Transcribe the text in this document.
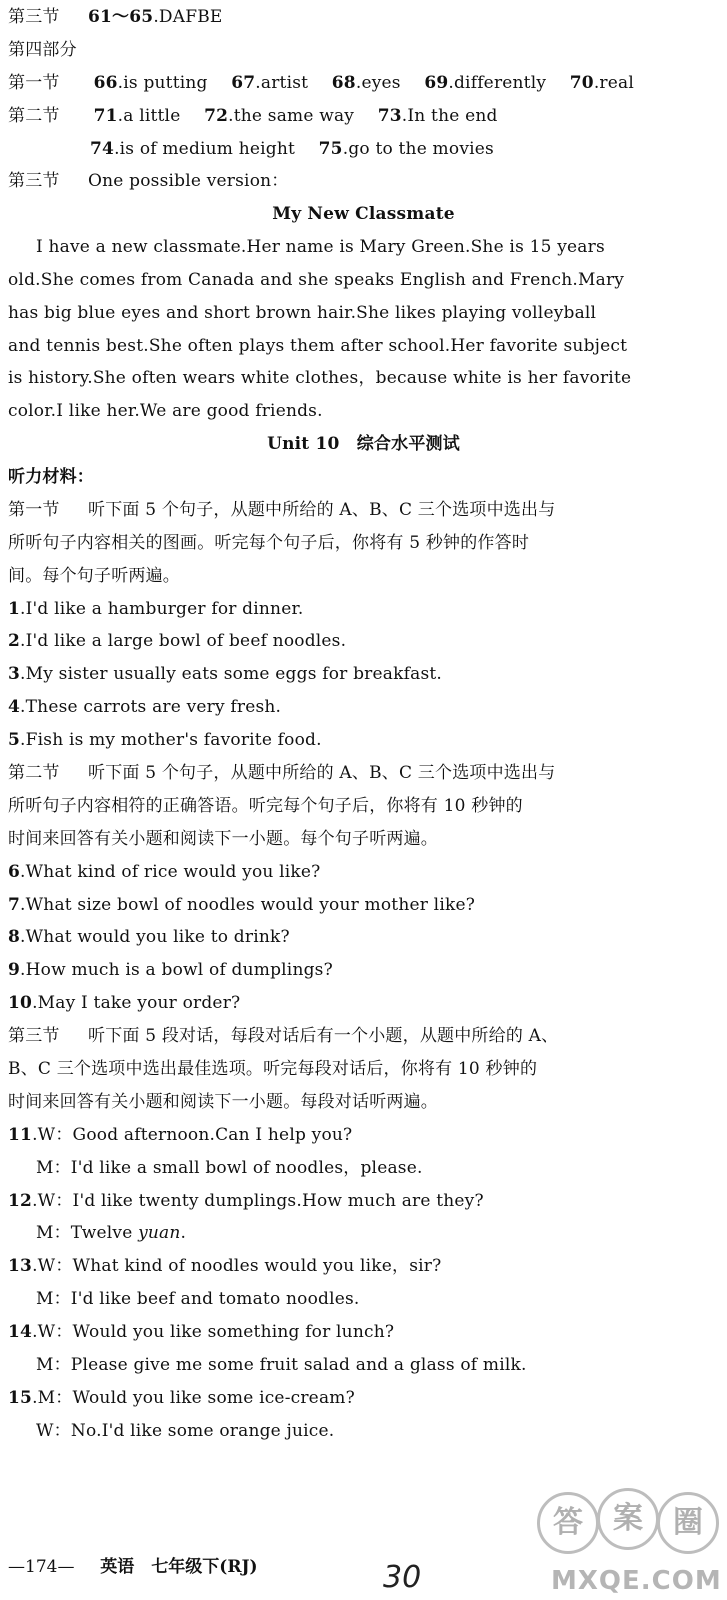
第三节 61～65.DAFBE
第四部分
第一节 66.is putting 67.artist 68.eyes 69.differently 70.real
第二节 71.a little 72.the same way 73.In the end
74.is of medium height 75.go to the movies
第三节 One possible version：
My New Classmate
I have a new classmate.Her name is Mary Green.She is 15 years
old.She comes from Canada and she speaks English and French.Mary
has big blue eyes and short brown hair.She likes playing volleyball
and tennis best.She often plays them after school.Her favorite subject
is history.She often wears white clothes，because white is her favorite
color.I like her.We are good friends.
Unit 10　综合水平测试
听力材料：
第一节 听下面 5 个句子，从题中所给的 A、B、C 三个选项中选出与
所听句子内容相关的图画。听完每个句子后，你将有 5 秒钟的作答时
间。每个句子听两遍。
1.I'd like a hamburger for dinner.
2.I'd like a large bowl of beef noodles.
3.My sister usually eats some eggs for breakfast.
4.These carrots are very fresh.
5.Fish is my mother's favorite food.
第二节 听下面 5 个句子，从题中所给的 A、B、C 三个选项中选出与
所听句子内容相符的正确答语。听完每个句子后，你将有 10 秒钟的
时间来回答有关小题和阅读下一小题。每个句子听两遍。
6.What kind of rice would you like?
7.What size bowl of noodles would your mother like?
8.What would you like to drink?
9.How much is a bowl of dumplings?
10.May I take your order?
第三节 听下面 5 段对话，每段对话后有一个小题，从题中所给的 A、
B、C 三个选项中选出最佳选项。听完每段对话后，你将有 10 秒钟的
时间来回答有关小题和阅读下一小题。每段对话听两遍。
11.W：Good afternoon.Can I help you?
M：I'd like a small bowl of noodles，please.
12.W：I'd like twenty dumplings.How much are they?
M：Twelve yuan.
13.W：What kind of noodles would you like，sir?
M：I'd like beef and tomato noodles.
14.W：Would you like something for lunch?
M：Please give me some fruit salad and a glass of milk.
15.M：Would you like some ice-cream?
W：No.I'd like some orange juice.
—174— 英语　七年级下(RJ)	30
答	案	圈
MXQE.COM
